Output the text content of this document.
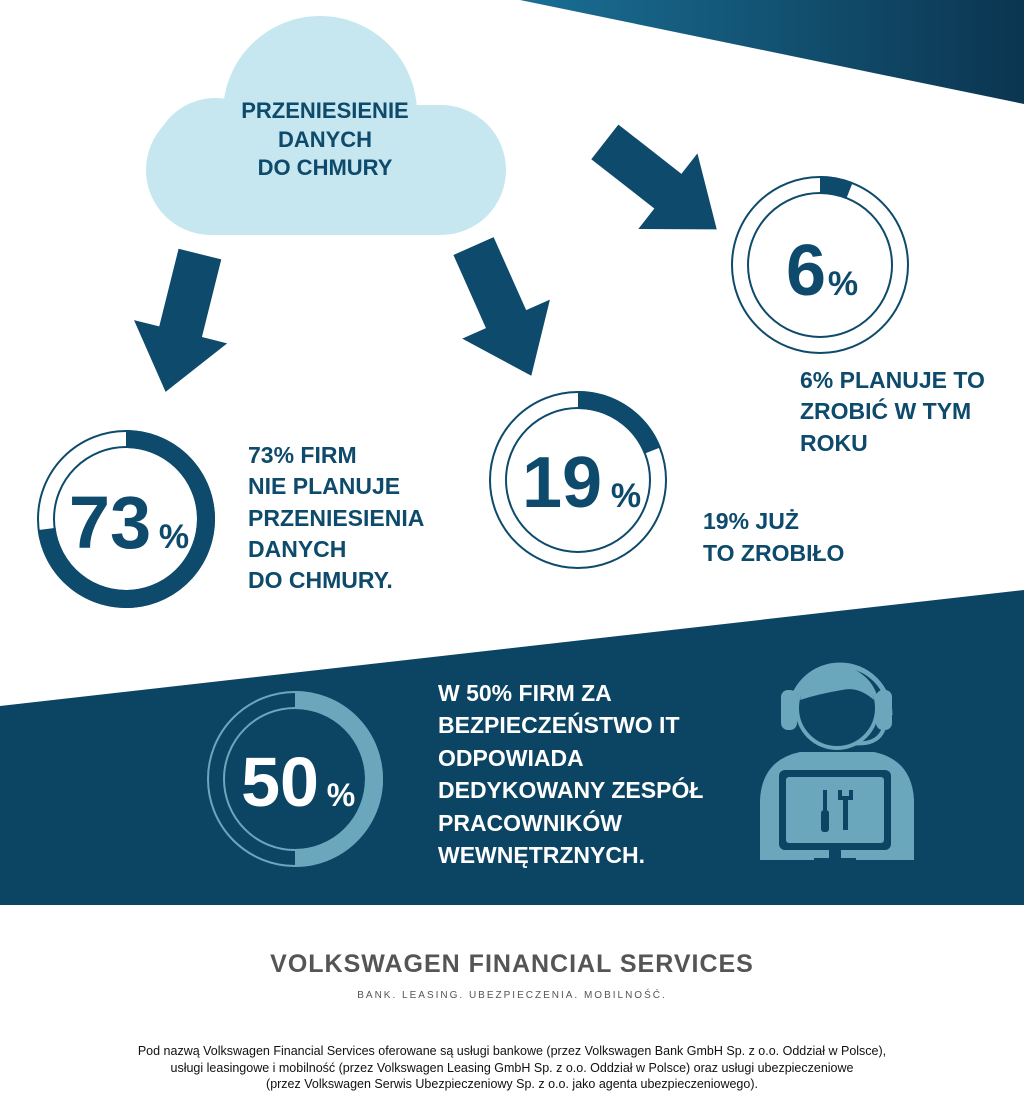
73 %
19 %
6 %
50 %
PRZENIESIENIE
DANYCH
DO CHMURY
73% FIRM
NIE PLANUJE
PRZENIESIENIA
DANYCH
DO CHMURY.
19% JUŻ
TO ZROBIŁO
6% PLANUJE TO
ZROBIĆ W TYM
ROKU
W 50% FIRM ZA
BEZPIECZEŃSTWO IT
ODPOWIADA
DEDYKOWANY ZESPÓŁ
PRACOWNIKÓW
WEWNĘTRZNYCH.
VOLKSWAGEN FINANCIAL SERVICES
BANK. LEASING. UBEZPIECZENIA. MOBILNOŚĆ.
Pod nazwą Volkswagen Financial Services oferowane są usługi bankowe (przez Volkswagen Bank GmbH Sp. z o.o. Oddział w Polsce),
usługi leasingowe i mobilność (przez Volkswagen Leasing GmbH Sp. z o.o. Oddział w Polsce) oraz usługi ubezpieczeniowe
(przez Volkswagen Serwis Ubezpieczeniowy Sp. z o.o. jako agenta ubezpieczeniowego).
